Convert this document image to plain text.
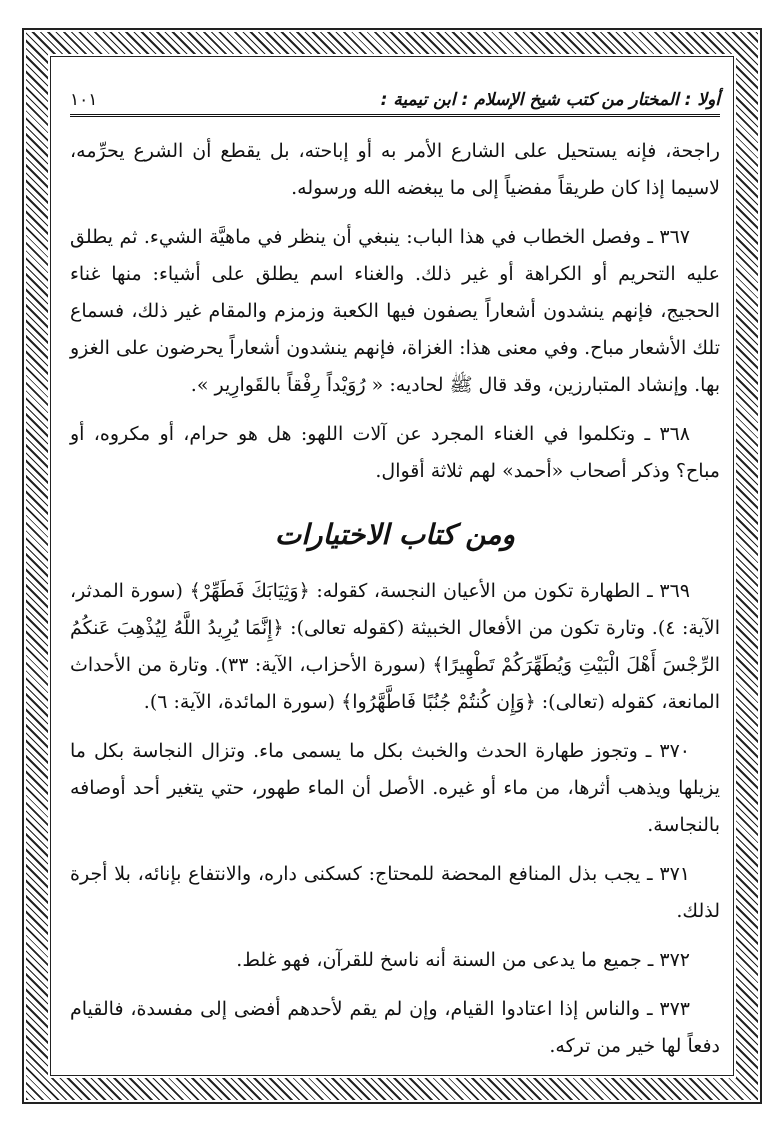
أولا : المختار من كتب شيخ الإسلام : ابن تيمية :
١٠١

راجحة، فإنه يستحيل على الشارع الأمر به أو إباحته، بل يقطع أن الشرع يحرِّمه، لاسيما إذا كان طريقاً مفضياً إلى ما يبغضه الله ورسوله.

٣٦٧ ـ وفصل الخطاب في هذا الباب: ينبغي أن ينظر في ماهيَّة الشيء. ثم يطلق عليه التحريم أو الكراهة أو غير ذلك. والغناء اسم يطلق على أشياء: منها غناء الحجيج، فإنهم ينشدون أشعاراً يصفون فيها الكعبة وزمزم والمقام غير ذلك، فسماع تلك الأشعار مباح. وفي معنى هذا: الغزاة، فإنهم ينشدون أشعاراً يحرضون على الغزو بها. وإنشاد المتبارزين، وقد قال ﷺ لحاديه: « رُوَيْداً رِفْقاً بالقَوارِير ».

٣٦٨ ـ وتكلموا في الغناء المجرد عن آلات اللهو: هل هو حرام، أو مكروه، أو مباح؟ وذكر أصحاب «أحمد» لهم ثلاثة أقوال.

ومن كتاب الاختيارات

٣٦٩ ـ الطهارة تكون من الأعيان النجسة، كقوله: ﴿وَثِيَابَكَ فَطَهِّرْ﴾ (سورة المدثر، الآية: ٤). وتارة تكون من الأفعال الخبيثة (كقوله تعالى): ﴿إِنَّمَا يُرِيدُ اللَّهُ لِيُذْهِبَ عَنكُمُ الرِّجْسَ أَهْلَ الْبَيْتِ وَيُطَهِّرَكُمْ تَطْهِيرًا﴾ (سورة الأحزاب، الآية: ٣٣). وتارة من الأحداث المانعة، كقوله (تعالى): ﴿وَإِن كُنتُمْ جُنُبًا فَاطَّهَّرُوا﴾ (سورة المائدة، الآية: ٦).

٣٧٠ ـ وتجوز طهارة الحدث والخبث بكل ما يسمى ماء. وتزال النجاسة بكل ما يزيلها ويذهب أثرها، من ماء أو غيره. الأصل أن الماء طهور، حتي يتغير أحد أوصافه بالنجاسة.

٣٧١ ـ يجب بذل المنافع المحضة للمحتاج: كسكنى داره، والانتفاع بإنائه، بلا أجرة لذلك.

٣٧٢ ـ جميع ما يدعى من السنة أنه ناسخ للقرآن، فهو غلط.

٣٧٣ ـ والناس إذا اعتادوا القيام، وإن لم يقم لأحدهم أفضى إلى مفسدة، فالقيام دفعاً لها خير من تركه.
